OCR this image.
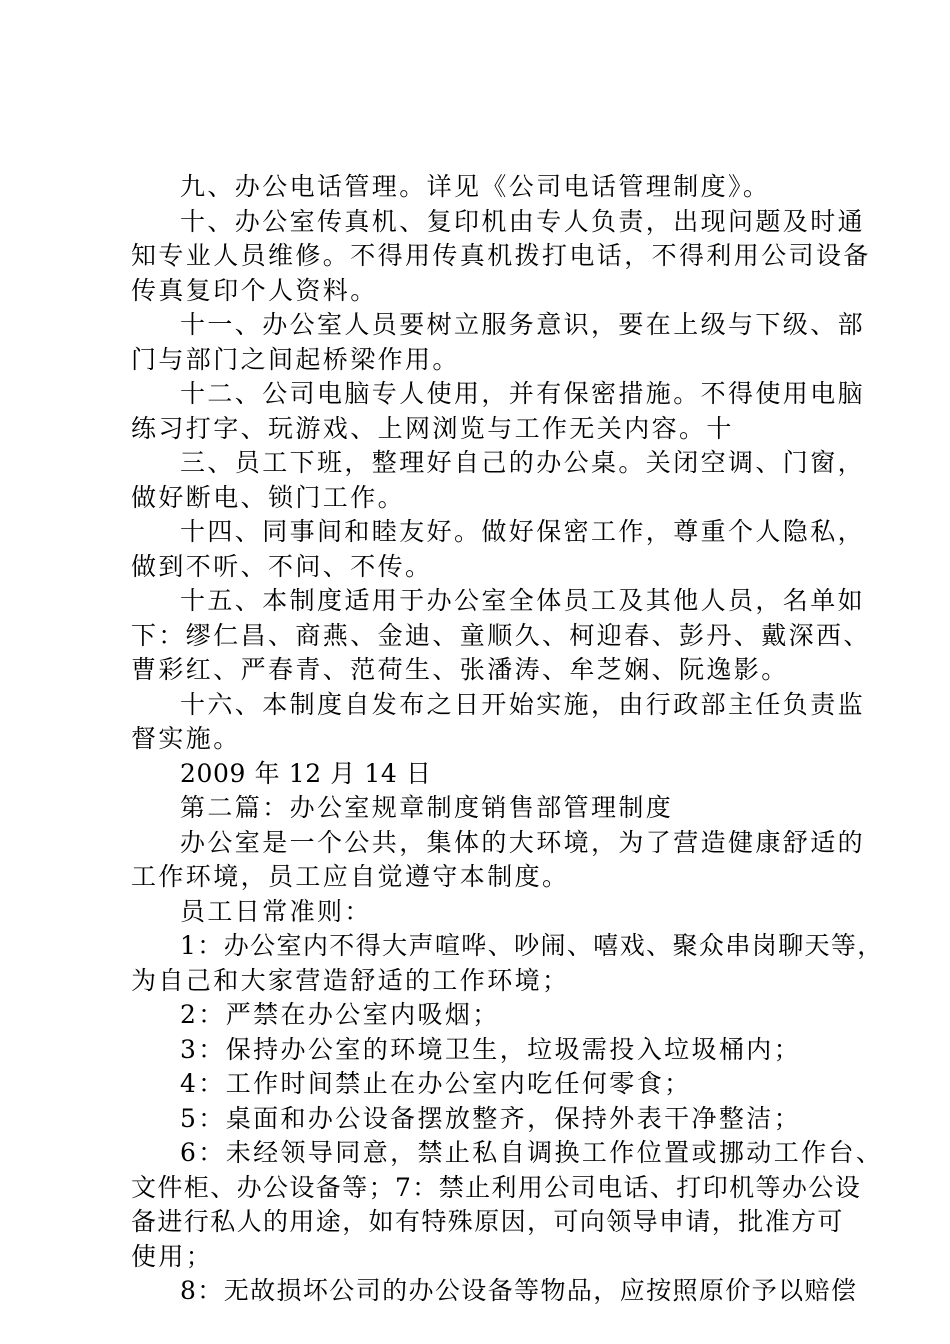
九、办公电话管理。详见《公司电话管理制度》。
十、办公室传真机、复印机由专人负责，出现问题及时通
知专业人员维修。不得用传真机拨打电话，不得利用公司设备
传真复印个人资料。
十一、办公室人员要树立服务意识，要在上级与下级、部
门与部门之间起桥梁作用。
十二、公司电脑专人使用，并有保密措施。不得使用电脑
练习打字、玩游戏、上网浏览与工作无关内容。十
三、员工下班，整理好自己的办公桌。关闭空调、门窗，
做好断电、锁门工作。
十四、同事间和睦友好。做好保密工作，尊重个人隐私，
做到不听、不问、不传。
十五、本制度适用于办公室全体员工及其他人员，名单如
下：缪仁昌、商燕、金迪、童顺久、柯迎春、彭丹、戴深西、
曹彩红、严春青、范荷生、张潘涛、牟芝娴、阮逸影。
十六、本制度自发布之日开始实施，由行政部主任负责监
督实施。
2009 年 12 月 14 日
第二篇：办公室规章制度销售部管理制度
办公室是一个公共，集体的大环境，为了营造健康舒适的
工作环境，员工应自觉遵守本制度。
员工日常准则：
1：办公室内不得大声喧哗、吵闹、嘻戏、聚众串岗聊天等，
为自己和大家营造舒适的工作环境；
2：严禁在办公室内吸烟；
3：保持办公室的环境卫生，垃圾需投入垃圾桶内；
4：工作时间禁止在办公室内吃任何零食；
5：桌面和办公设备摆放整齐，保持外表干净整洁；
6：未经领导同意，禁止私自调换工作位置或挪动工作台、
文件柜、办公设备等；7：禁止利用公司电话、打印机等办公设
备进行私人的用途，如有特殊原因，可向领导申请，批准方可
使用；
8：无故损坏公司的办公设备等物品，应按照原价予以赔偿
